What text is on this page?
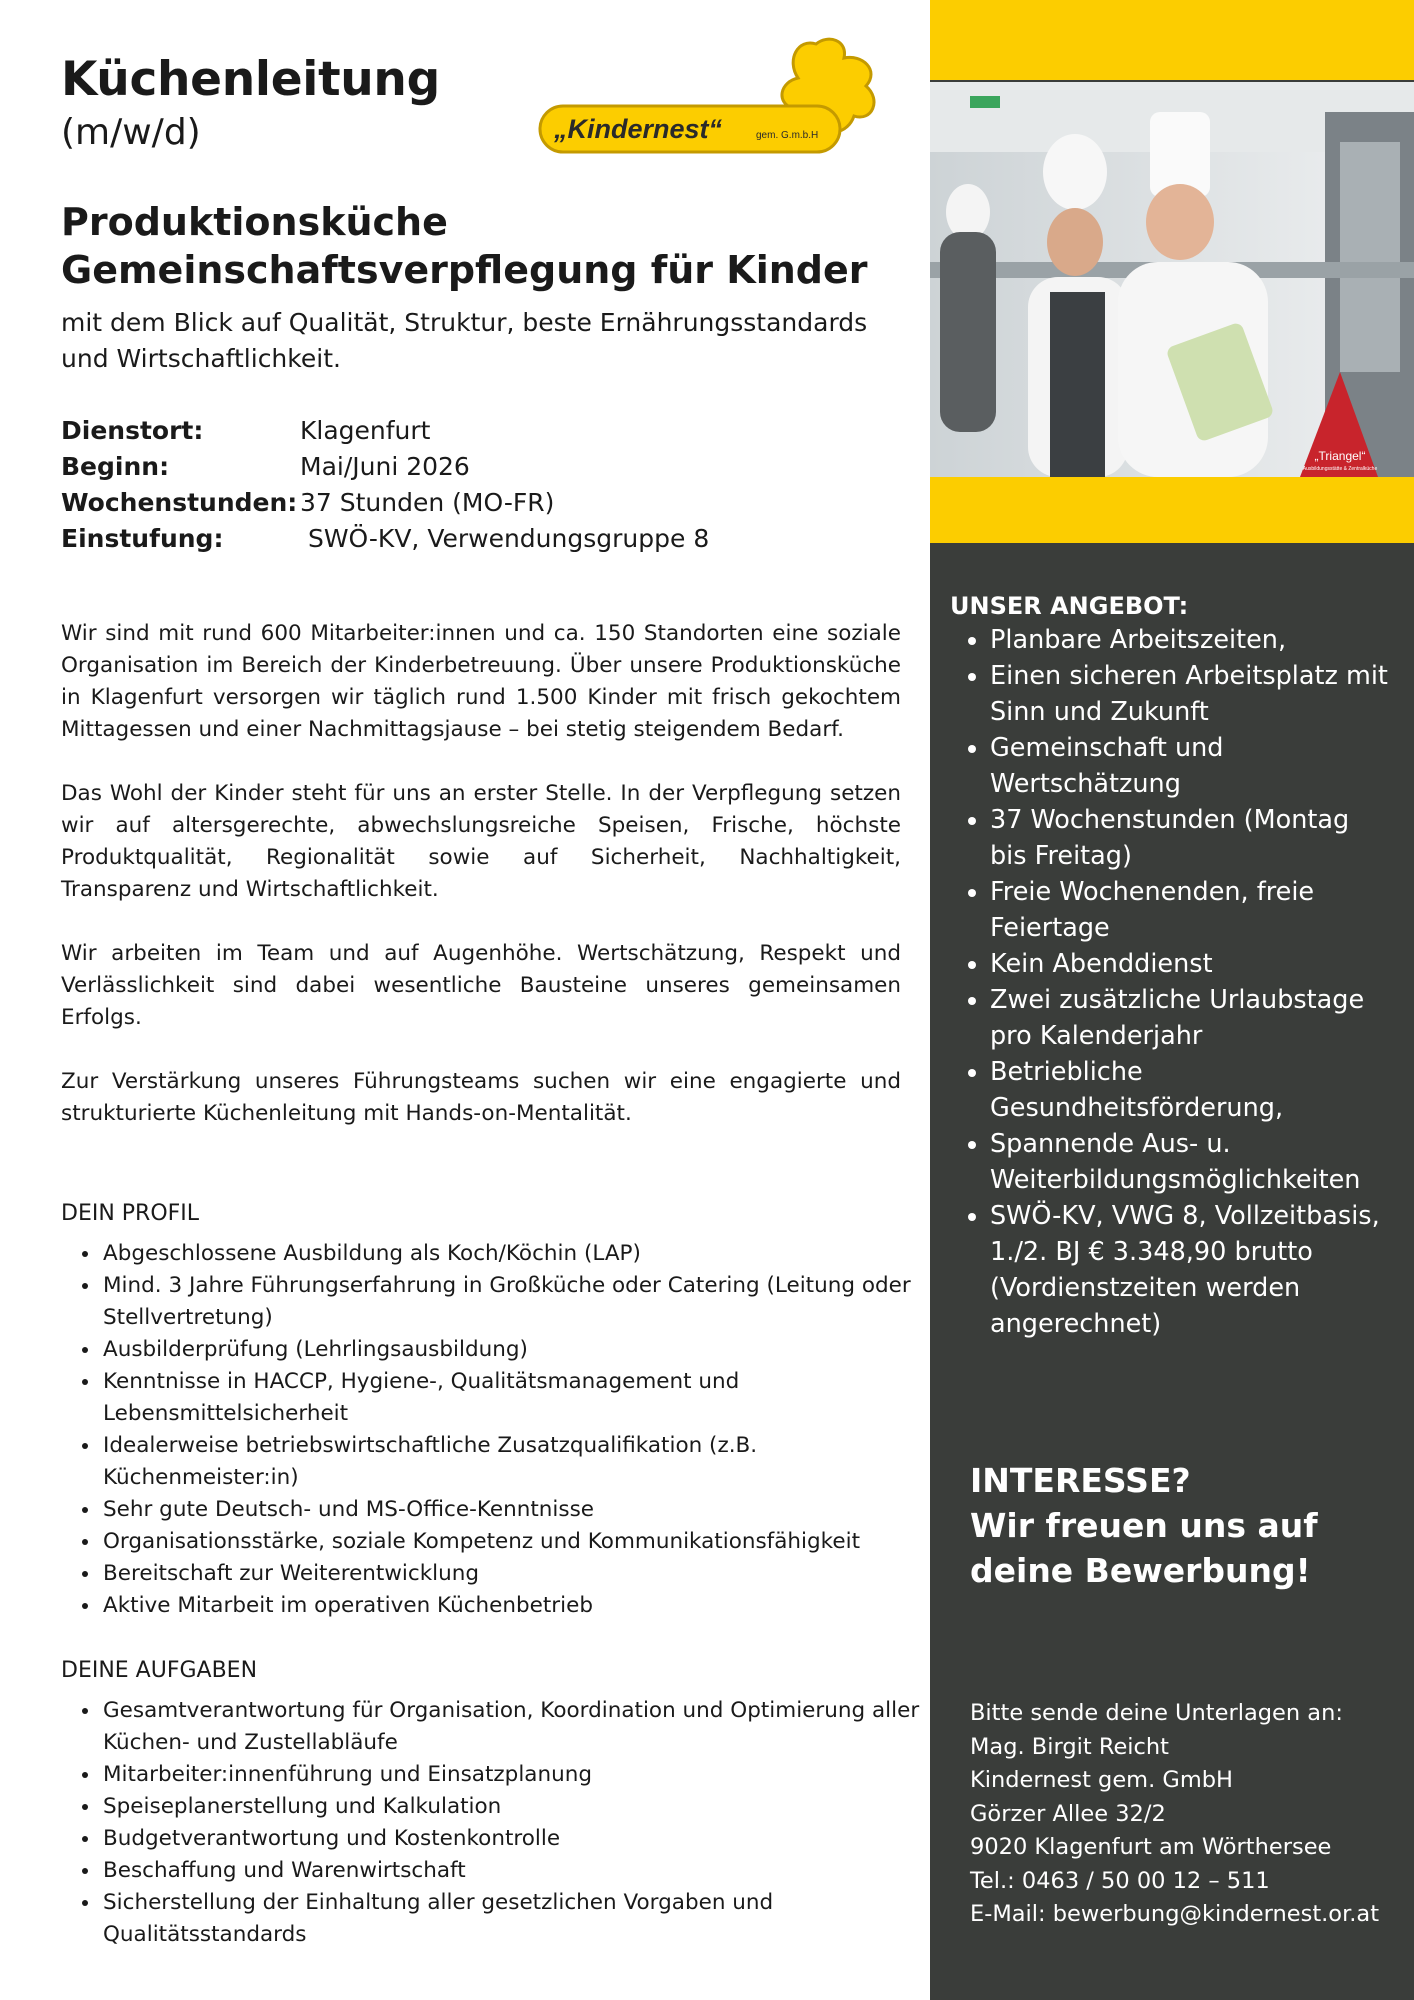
Küchenleitung
(m/w/d)	„Kindernest“	gem. G.m.b.H
Produktionsküche
Gemeinschaftsverpflegung für Kinder

mit dem Blick auf Qualität, Struktur, beste Ernährungsstandards und Wirtschaftlichkeit.

Dienstort:	Klagenfurt
Beginn:	Mai/Juni 2026
Wochenstunden: 37 Stunden (MO-FR)
Einstufung:	SWÖ-KV, Verwendungsgruppe 8

Wir sind mit rund 600 Mitarbeiter:innen und ca. 150 Standorten eine soziale Organisation im Bereich der Kinderbetreuung. Über unsere Produktionsküche in Klagenfurt versorgen wir täglich rund 1.500 Kinder mit frisch gekochtem Mittagessen und einer Nachmittagsjause – bei stetig steigendem Bedarf.

Das Wohl der Kinder steht für uns an erster Stelle. In der Verpflegung setzen wir auf altersgerechte, abwechslungsreiche Speisen, Frische, höchste Produktqualität, Regionalität sowie auf Sicherheit, Nachhaltigkeit, Transparenz und Wirtschaftlichkeit.

Wir arbeiten im Team und auf Augenhöhe. Wertschätzung, Respekt und Verlässlichkeit sind dabei wesentliche Bausteine unseres gemeinsamen Erfolgs.

Zur Verstärkung unseres Führungsteams suchen wir eine engagierte und strukturierte Küchenleitung mit Hands-on-Mentalität.

DEIN PROFIL
• Abgeschlossene Ausbildung als Koch/Köchin (LAP)
• Mind. 3 Jahre Führungserfahrung in Großküche oder Catering (Leitung oder Stellvertretung)
• Ausbilderprüfung (Lehrlingsausbildung)
• Kenntnisse in HACCP, Hygiene-, Qualitätsmanagement und Lebensmittelsicherheit
• Idealerweise betriebswirtschaftliche Zusatzqualifikation (z.B. Küchenmeister:in)
• Sehr gute Deutsch- und MS-Office-Kenntnisse
• Organisationsstärke, soziale Kompetenz und Kommunikationsfähigkeit
• Bereitschaft zur Weiterentwicklung
• Aktive Mitarbeit im operativen Küchenbetrieb
DEINE AUFGABEN
• Gesamtverantwortung für Organisation, Koordination und Optimierung aller Küchen- und Zustellabläufe
• Mitarbeiter:innenführung und Einsatzplanung
• Speiseplanerstellung und Kalkulation
• Budgetverantwortung und Kostenkontrolle
• Beschaffung und Warenwirtschaft
• Sicherstellung der Einhaltung aller gesetzlichen Vorgaben und Qualitätsstandards
„Triangel“
Ausbildungsstätte & Zentralküche
UNSER ANGEBOT:
• Planbare Arbeitszeiten,
• Einen sicheren Arbeitsplatz mit Sinn und Zukunft
• Gemeinschaft und Wertschätzung
• 37 Wochenstunden (Montag bis Freitag)
• Freie Wochenenden, freie Feiertage
• Kein Abenddienst
• Zwei zusätzliche Urlaubstage pro Kalenderjahr
• Betriebliche Gesundheitsförderung,
• Spannende Aus- u. Weiterbildungsmöglichkeiten
• SWÖ-KV, VWG 8, Vollzeitbasis, 1./2. BJ € 3.348,90 brutto (Vordienstzeiten werden angerechnet)
INTERESSE?
Wir freuen uns auf
deine Bewerbung!
Bitte sende deine Unterlagen an:
Mag. Birgit Reicht
Kindernest gem. GmbH
Görzer Allee 32/2
9020 Klagenfurt am Wörthersee
Tel.: 0463 / 50 00 12 – 511
E-Mail: bewerbung@kindernest.or.at
